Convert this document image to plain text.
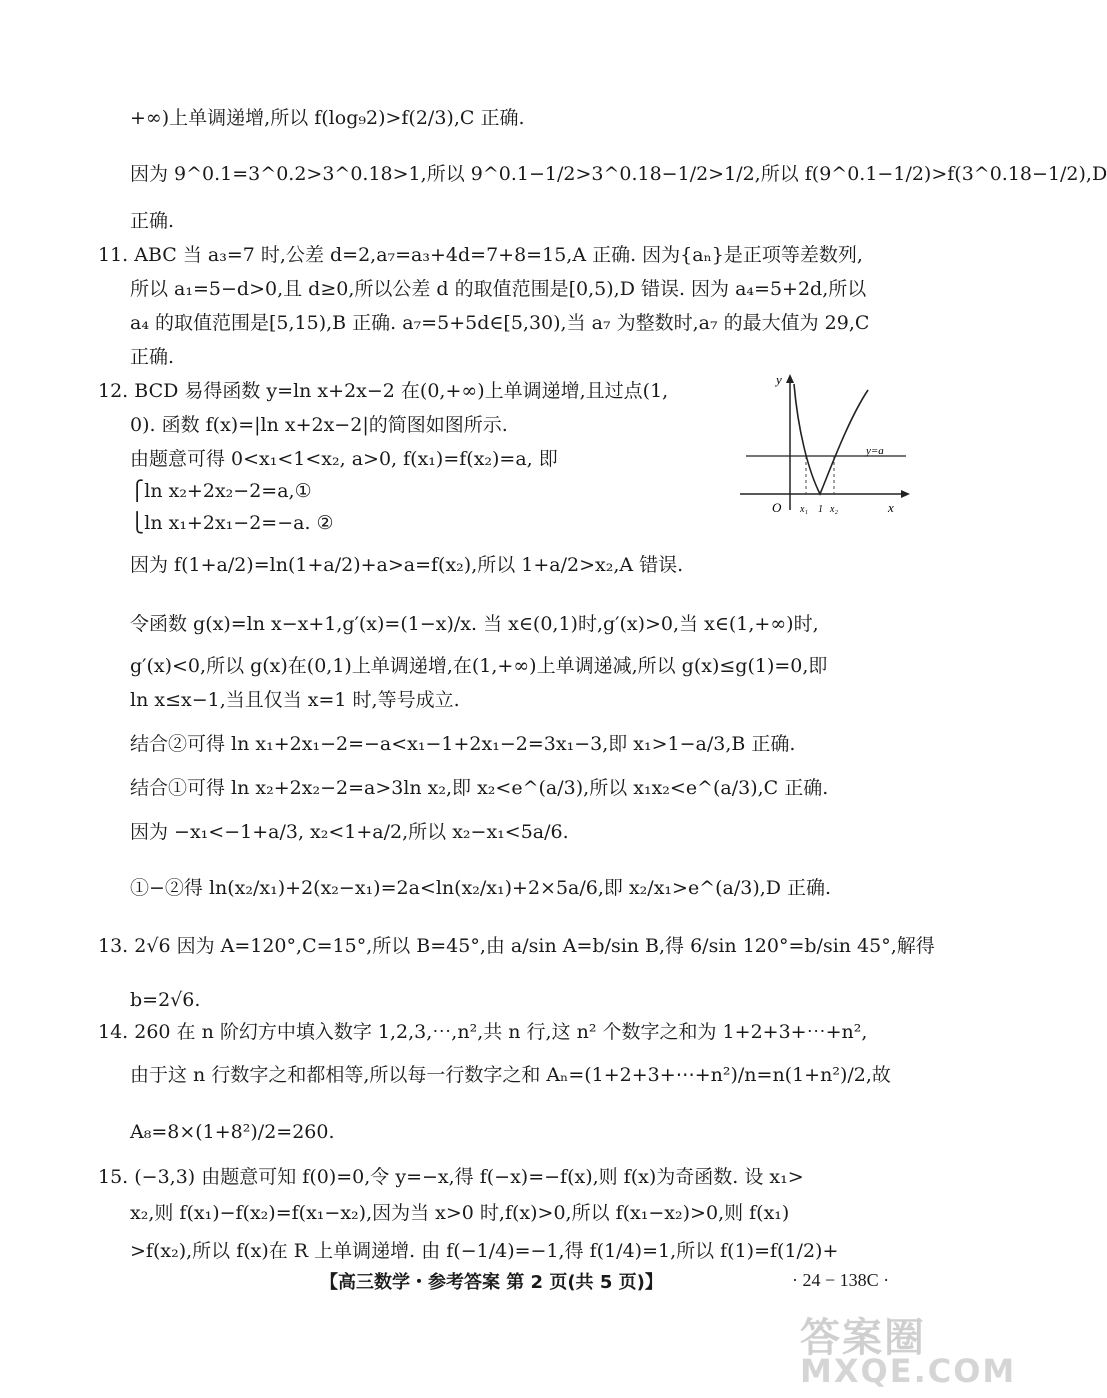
+∞)上单调递增,所以 f(log₉2)>f(2/3),C 正确.
因为 9^0.1=3^0.2>3^0.18>1,所以 9^0.1−1/2>3^0.18−1/2>1/2,所以 f(9^0.1−1/2)>f(3^0.18−1/2),D
正确.
11. ABC 当 a₃=7 时,公差 d=2,a₇=a₃+4d=7+8=15,A 正确. 因为{aₙ}是正项等差数列,
所以 a₁=5−d>0,且 d≥0,所以公差 d 的取值范围是[0,5),D 错误. 因为 a₄=5+2d,所以
a₄ 的取值范围是[5,15),B 正确. a₇=5+5d∈[5,30),当 a₇ 为整数时,a₇ 的最大值为 29,C
正确.
12. BCD 易得函数 y=ln x+2x−2 在(0,+∞)上单调递增,且过点(1,
0). 函数 f(x)=|ln x+2x−2|的简图如图所示.
由题意可得 0<x₁<1<x₂, a>0, f(x₁)=f(x₂)=a, 即
⎧ln x₂+2x₂−2=a,①
⎩ln x₁+2x₁−2=−a. ②
因为 f(1+a/2)=ln(1+a/2)+a>a=f(x₂),所以 1+a/2>x₂,A 错误.
令函数 g(x)=ln x−x+1,g′(x)=(1−x)/x. 当 x∈(0,1)时,g′(x)>0,当 x∈(1,+∞)时,
g′(x)<0,所以 g(x)在(0,1)上单调递增,在(1,+∞)上单调递减,所以 g(x)≤g(1)=0,即
ln x≤x−1,当且仅当 x=1 时,等号成立.
结合②可得 ln x₁+2x₁−2=−a<x₁−1+2x₁−2=3x₁−3,即 x₁>1−a/3,B 正确.
结合①可得 ln x₂+2x₂−2=a>3ln x₂,即 x₂<e^(a/3),所以 x₁x₂<e^(a/3),C 正确.
因为 −x₁<−1+a/3, x₂<1+a/2,所以 x₂−x₁<5a/6.
①−②得 ln(x₂/x₁)+2(x₂−x₁)=2a<ln(x₂/x₁)+2×5a/6,即 x₂/x₁>e^(a/3),D 正确.
13. 2√6 因为 A=120°,C=15°,所以 B=45°,由 a/sin A=b/sin B,得 6/sin 120°=b/sin 45°,解得
b=2√6.
14. 260 在 n 阶幻方中填入数字 1,2,3,⋯,n²,共 n 行,这 n² 个数字之和为 1+2+3+⋯+n²,
由于这 n 行数字之和都相等,所以每一行数字之和 Aₙ=(1+2+3+⋯+n²)/n=n(1+n²)/2,故
A₈=8×(1+8²)/2=260.
15. (−3,3) 由题意可知 f(0)=0,令 y=−x,得 f(−x)=−f(x),则 f(x)为奇函数. 设 x₁>
x₂,则 f(x₁)−f(x₂)=f(x₁−x₂),因为当 x>0 时,f(x)>0,所以 f(x₁−x₂)>0,则 f(x₁)
>f(x₂),所以 f(x)在 R 上单调递增. 由 f(−1/4)=−1,得 f(1/4)=1,所以 f(1)=f(1/2)+
y
x
O
y=a
x₁ 1 x₂
【高三数学・参考答案 第 2 页(共 5 页)】	· 24 − 138C ·
答案圈
MXQE.COM
